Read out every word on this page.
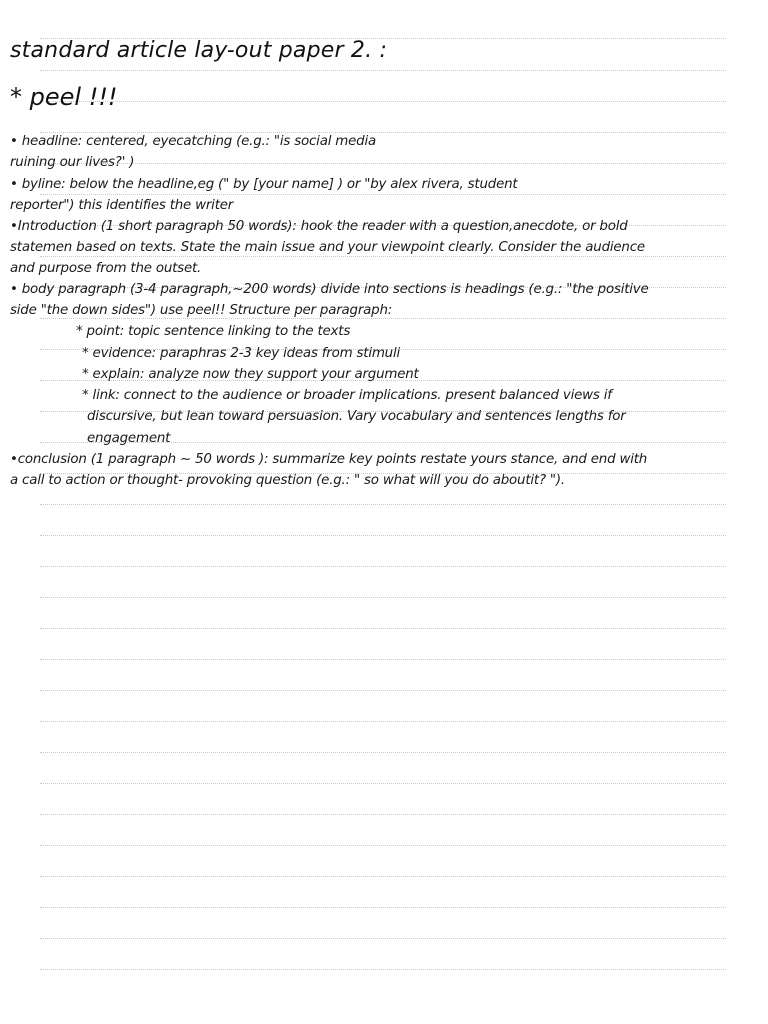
standard article lay-out paper 2. :
* peel !!!
• headline: centered, eyecatching (e.g.: "is social media
ruining our lives?' )
• byline: below the headline,eg (" by [your name] ) or "by alex rivera, student
reporter") this identifies the writer
•Introduction (1 short paragraph 50 words): hook the reader with a question,anecdote, or bold
statemen based on texts. State the main issue and your viewpoint clearly. Consider the audience
and purpose from the outset.
• body paragraph (3-4 paragraph,~200 words) divide into sections is headings (e.g.: "the positive
side "the down sides") use peel!! Structure per paragraph:
* point: topic sentence linking to the texts
* evidence: paraphras 2-3 key ideas from stimuli
* explain: analyze now they support your argument
* link: connect to the audience or broader implications. present balanced views if
discursive, but lean toward persuasion. Vary vocabulary and sentences lengths for
engagement
•conclusion (1 paragraph ~ 50 words ): summarize key points restate yours stance, and end with
a call to action or thought- provoking question (e.g.: " so what will you do aboutit? ").
